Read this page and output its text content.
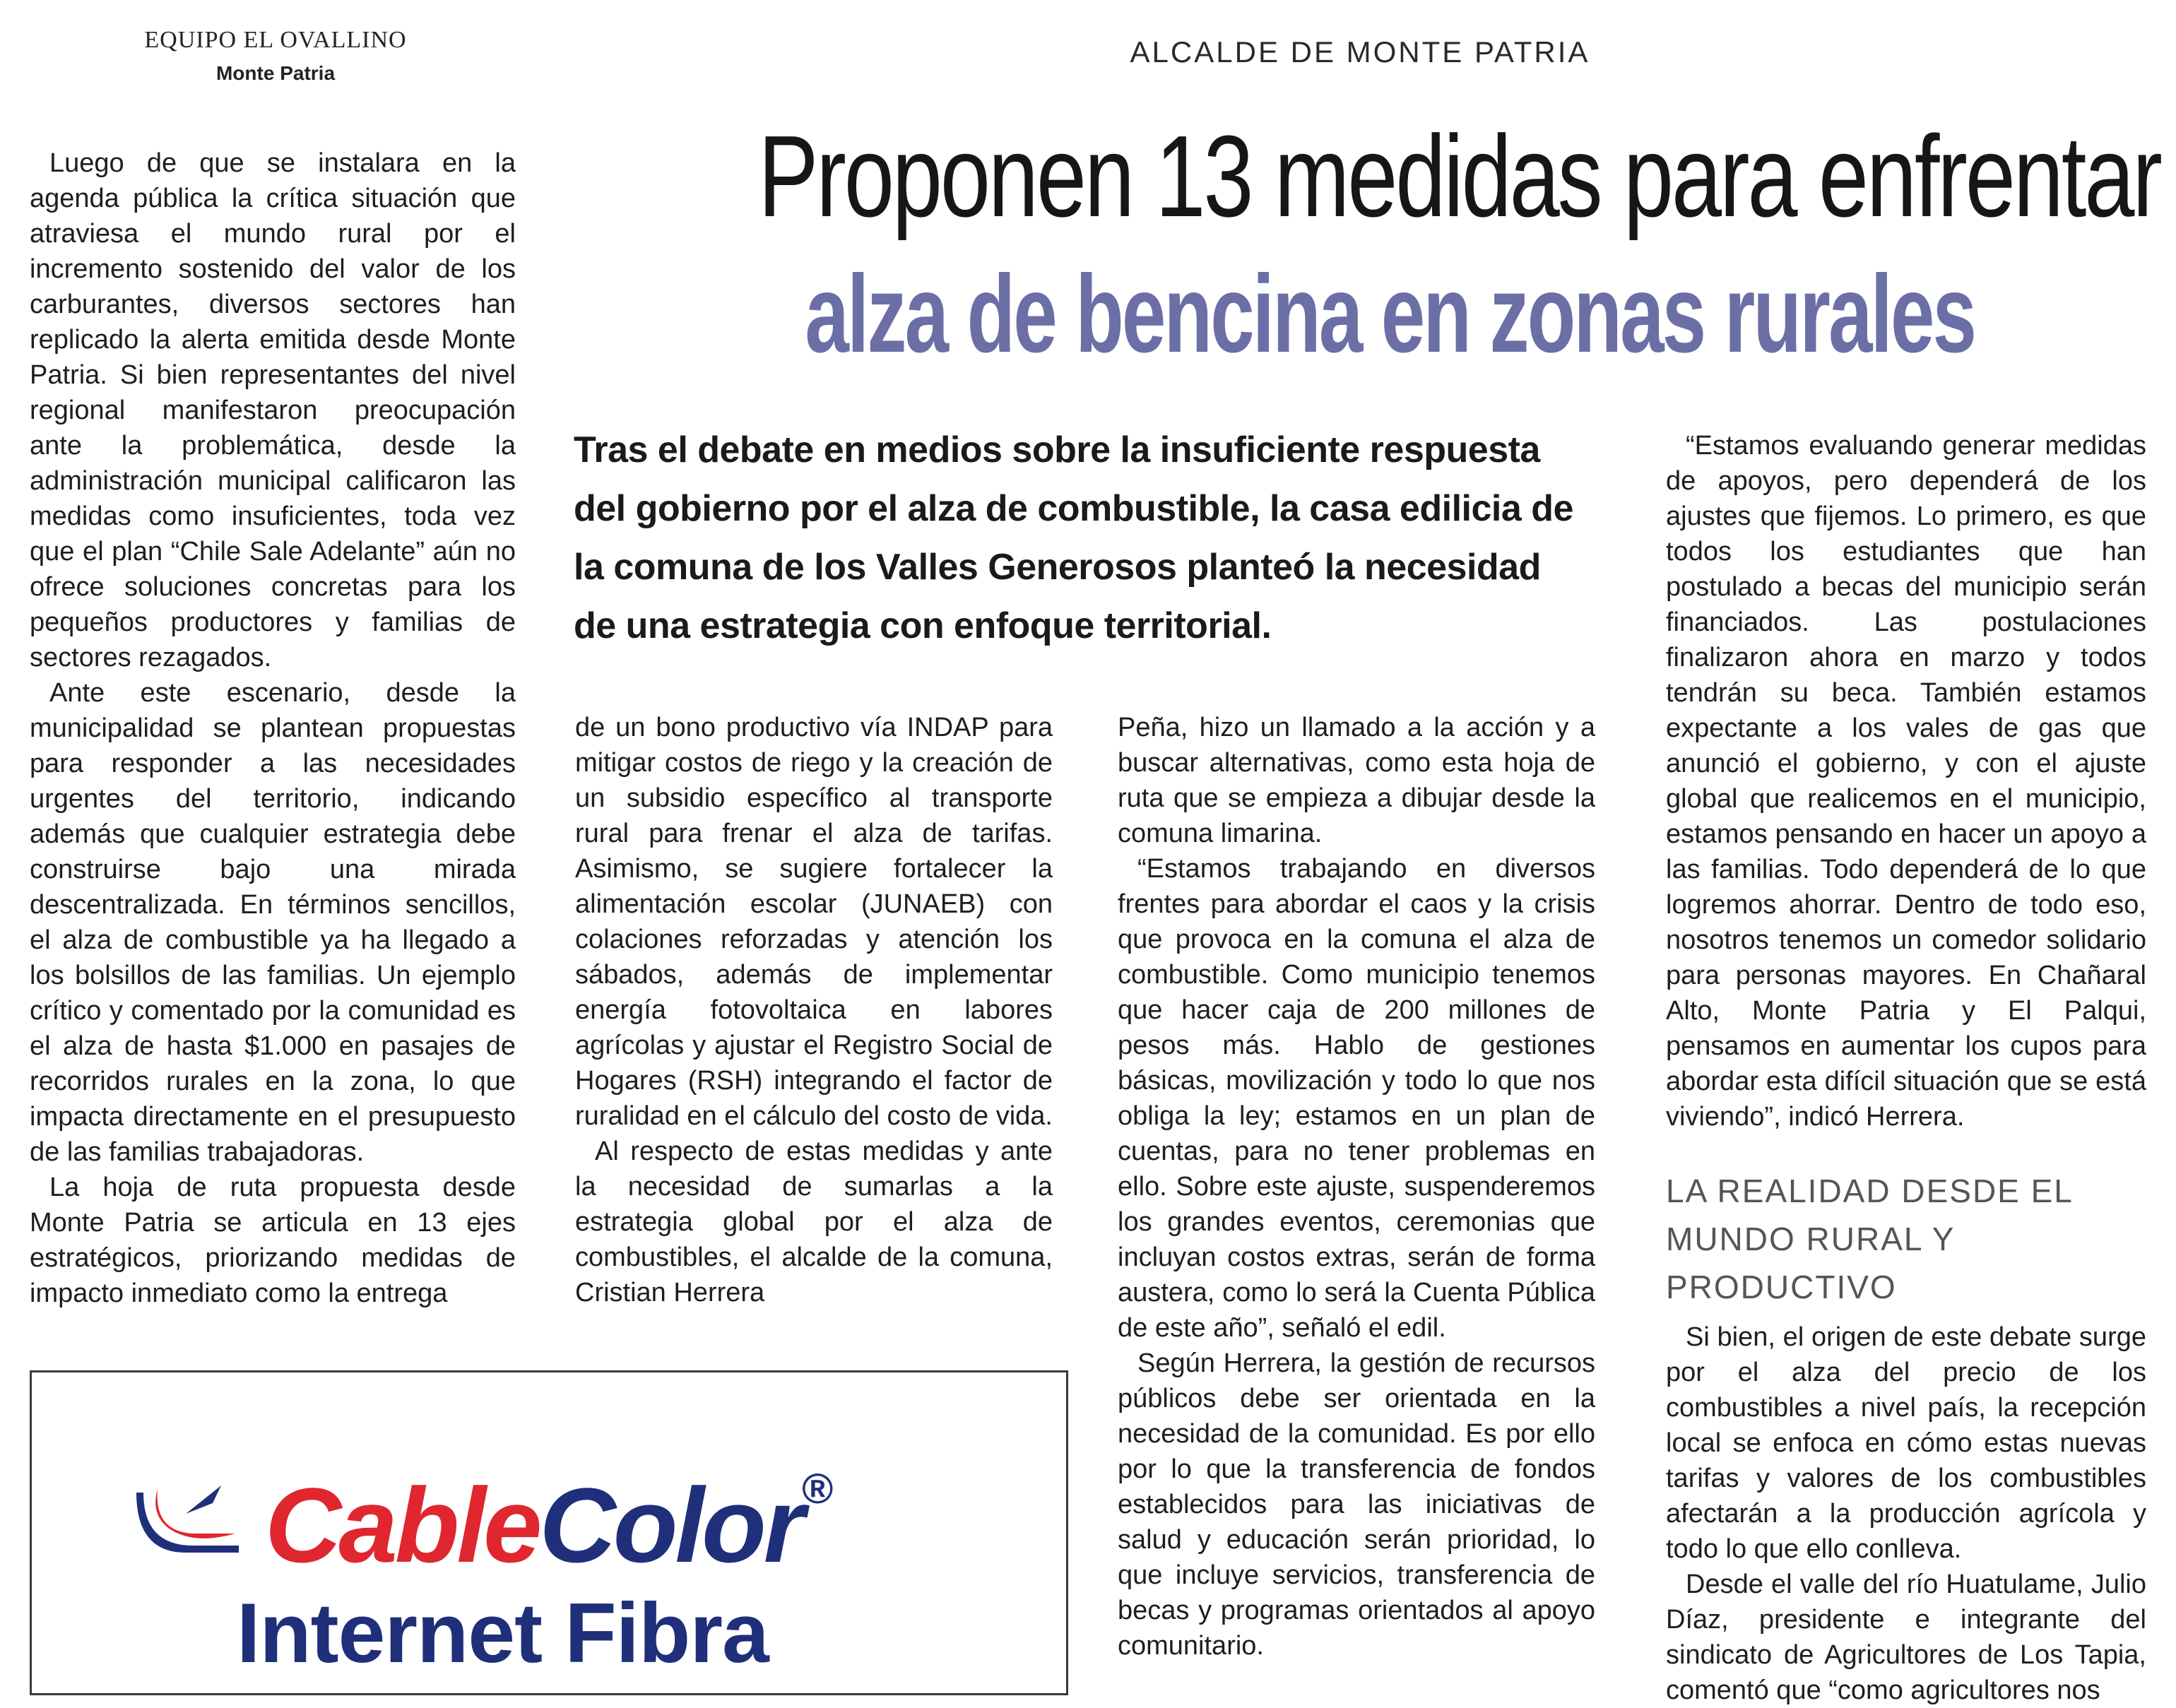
EQUIPO EL OVALLINO
Monte Patria
ALCALDE DE MONTE PATRIA
Proponen 13 medidas para enfrentar
alza de bencina en zonas rurales
Tras el debate en medios sobre la insuficiente respuesta del gobierno por el alza de combustible, la casa edilicia de la comuna de los Valles Generosos planteó la necesidad de una estrategia con enfoque territorial.

Luego de que se instalara en la agenda pública la crítica situación que atraviesa el mundo rural por el incremento sostenido del valor de los carburantes, diversos sectores han replicado la alerta emitida desde Monte Patria. Si bien representantes del nivel regional manifestaron preocupación ante la problemática, desde la administración municipal calificaron las medidas como insuficientes, toda vez que el plan “Chile Sale Adelante” aún no ofrece soluciones concretas para los pequeños productores y familias de sectores rezagados.

Ante este escenario, desde la municipalidad se plantean propuestas para responder a las necesidades urgentes del territorio, indicando además que cualquier estrategia debe construirse bajo una mirada descentralizada. En términos sencillos, el alza de combustible ya ha llegado a los bolsillos de las familias. Un ejemplo crítico y comentado por la comunidad es el alza de hasta $1.000 en pasajes de recorridos rurales en la zona, lo que impacta directamente en el presupuesto de las familias trabajadoras.

La hoja de ruta propuesta desde Monte Patria se articula en 13 ejes estratégicos, priorizando medidas de impacto inmediato como la entrega

de un bono productivo vía INDAP para mitigar costos de riego y la creación de un subsidio específico al transporte rural para frenar el alza de tarifas. Asimismo, se sugiere fortalecer la alimentación escolar (JUNAEB) con colaciones reforzadas y atención los sábados, además de implementar energía fotovoltaica en labores agrícolas y ajustar el Registro Social de Hogares (RSH) integrando el factor de ruralidad en el cálculo del costo de vida.

Al respecto de estas medidas y ante la necesidad de sumarlas a la estrategia global por el alza de combustibles, el alcalde de la comuna, Cristian Herrera

Peña, hizo un llamado a la acción y a buscar alternativas, como esta hoja de ruta que se empieza a dibujar desde la comuna limarina.

“Estamos trabajando en diversos frentes para abordar el caos y la crisis que provoca en la comuna el alza de combustible. Como municipio tenemos que hacer caja de 200 millones de pesos más. Hablo de gestiones básicas, movilización y todo lo que nos obliga la ley; estamos en un plan de cuentas, para no tener problemas en ello. Sobre este ajuste, suspenderemos los grandes eventos, ceremonias que incluyan costos extras, serán de forma austera, como lo será la Cuenta Pública de este año”, señaló el edil.

Según Herrera, la gestión de recursos públicos debe ser orientada en la necesidad de la comunidad. Es por ello por lo que la transferencia de fondos establecidos para las iniciativas de salud y educación serán prioridad, lo que incluye servicios, transferencia de becas y programas orientados al apoyo comunitario.

“Estamos evaluando generar medidas de apoyos, pero dependerá de los ajustes que fijemos. Lo primero, es que todos los estudiantes que han postulado a becas del municipio serán financiados. Las postulaciones finalizaron ahora en marzo y todos tendrán su beca. También estamos expectante a los vales de gas que anunció el gobierno, y con el ajuste global que realicemos en el municipio, estamos pensando en hacer un apoyo a las familias. Todo dependerá de lo que logremos ahorrar. Dentro de todo eso, nosotros tenemos un comedor solidario para personas mayores. En Chañaral Alto, Monte Patria y El Palqui, pensamos en aumentar los cupos para abordar esta difícil situación que se está viviendo”, indicó Herrera.

LA REALIDAD DESDE EL MUNDO RURAL Y PRODUCTIVO

Si bien, el origen de este debate surge por el alza del precio de los combustibles a nivel país, la recepción local se enfoca en cómo estas nuevas tarifas y valores de los combustibles afectarán a la producción agrícola y todo lo que ello conlleva.

Desde el valle del río Huatulame, Julio Díaz, presidente e integrante del sindicato de Agricultores de Los Tapia, comentó que “como agricultores nos

CableColor®
Internet Fibra
